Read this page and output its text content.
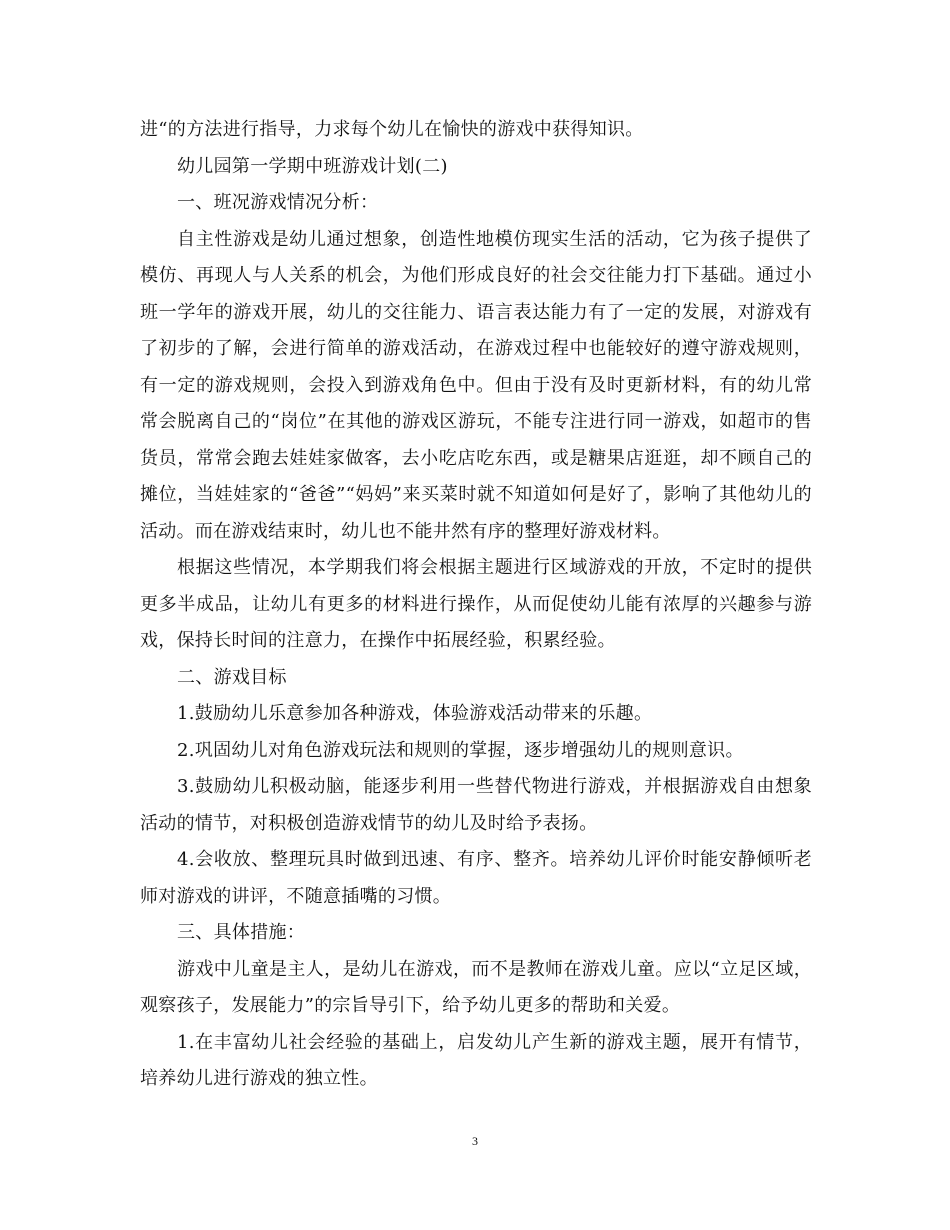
进“的方法进行指导，力求每个幼儿在愉快的游戏中获得知识。

幼儿园第一学期中班游戏计划(二)

一、班况游戏情况分析：

自主性游戏是幼儿通过想象，创造性地模仿现实生活的活动，它为孩子提供了模仿、再现人与人关系的机会，为他们形成良好的社会交往能力打下基础。通过小班一学年的游戏开展，幼儿的交往能力、语言表达能力有了一定的发展，对游戏有了初步的了解，会进行简单的游戏活动，在游戏过程中也能较好的遵守游戏规则，有一定的游戏规则，会投入到游戏角色中。但由于没有及时更新材料，有的幼儿常常会脱离自己的“岗位”在其他的游戏区游玩，不能专注进行同一游戏，如超市的售货员，常常会跑去娃娃家做客，去小吃店吃东西，或是糖果店逛逛，却不顾自己的摊位，当娃娃家的“爸爸”“妈妈”来买菜时就不知道如何是好了，影响了其他幼儿的活动。而在游戏结束时，幼儿也不能井然有序的整理好游戏材料。

根据这些情况，本学期我们将会根据主题进行区域游戏的开放，不定时的提供更多半成品，让幼儿有更多的材料进行操作，从而促使幼儿能有浓厚的兴趣参与游戏，保持长时间的注意力，在操作中拓展经验，积累经验。

二、游戏目标

1.鼓励幼儿乐意参加各种游戏，体验游戏活动带来的乐趣。

2.巩固幼儿对角色游戏玩法和规则的掌握，逐步增强幼儿的规则意识。

3.鼓励幼儿积极动脑，能逐步利用一些替代物进行游戏，并根据游戏自由想象活动的情节，对积极创造游戏情节的幼儿及时给予表扬。

4.会收放、整理玩具时做到迅速、有序、整齐。培养幼儿评价时能安静倾听老师对游戏的讲评，不随意插嘴的习惯。

三、具体措施：

游戏中儿童是主人，是幼儿在游戏，而不是教师在游戏儿童。应以“立足区域，观察孩子，发展能力”的宗旨导引下，给予幼儿更多的帮助和关爱。

1.在丰富幼儿社会经验的基础上，启发幼儿产生新的游戏主题，展开有情节，培养幼儿进行游戏的独立性。

3
